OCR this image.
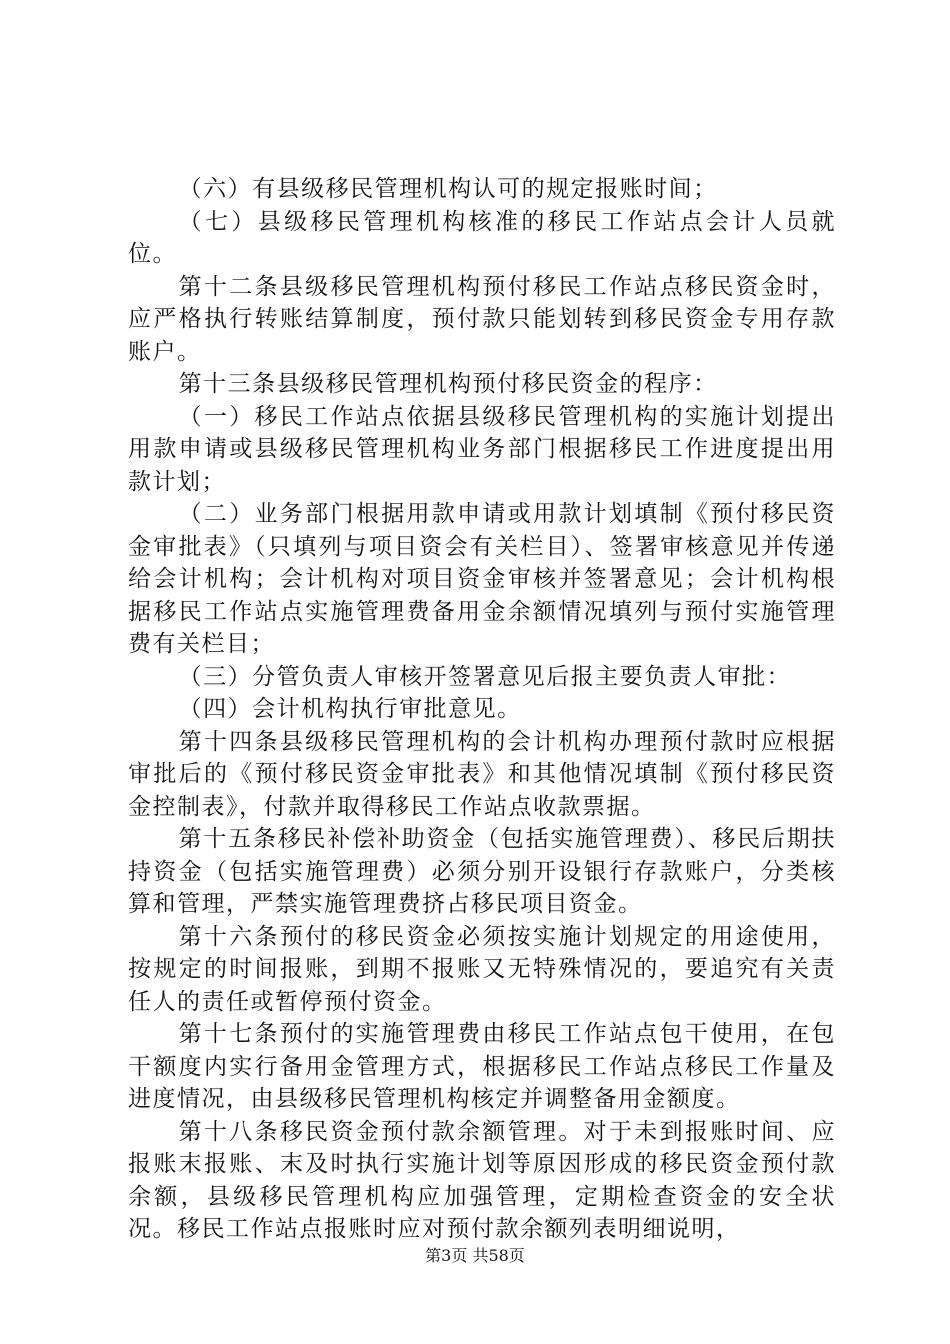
（六）有县级移民管理机构认可的规定报账时间；

（七）县级移民管理机构核准的移民工作站点会计人员就位。

第十二条县级移民管理机构预付移民工作站点移民资金时，应严格执行转账结算制度，预付款只能划转到移民资金专用存款账户。

第十三条县级移民管理机构预付移民资金的程序：

（一）移民工作站点依据县级移民管理机构的实施计划提出用款申请或县级移民管理机构业务部门根据移民工作进度提出用款计划；

（二）业务部门根据用款申请或用款计划填制《预付移民资金审批表》（只填列与项目资会有关栏目）、签署审核意见并传递给会计机构；会计机构对项目资金审核并签署意见；会计机构根据移民工作站点实施管理费备用金余额情况填列与预付实施管理费有关栏目；

（三）分管负责人审核开签署意见后报主要负责人审批：

（四）会计机构执行审批意见。

第十四条县级移民管理机构的会计机构办理预付款时应根据审批后的《预付移民资金审批表》和其他情况填制《预付移民资金控制表》，付款并取得移民工作站点收款票据。

第十五条移民补偿补助资金（包括实施管理费）、移民后期扶持资金（包括实施管理费）必须分别开设银行存款账户，分类核算和管理，严禁实施管理费挤占移民项目资金。

第十六条预付的移民资金必须按实施计划规定的用途使用，按规定的时间报账，到期不报账又无特殊情况的，要追究有关责任人的责任或暂停预付资金。

第十七条预付的实施管理费由移民工作站点包干使用，在包干额度内实行备用金管理方式，根据移民工作站点移民工作量及进度情况，由县级移民管理机构核定并调整备用金额度。

第十八条移民资金预付款余额管理。对于未到报账时间、应报账末报账、末及时执行实施计划等原因形成的移民资金预付款余额，县级移民管理机构应加强管理，定期检查资金的安全状况。移民工作站点报账时应对预付款余额列表明细说明，

第3页 共58页
